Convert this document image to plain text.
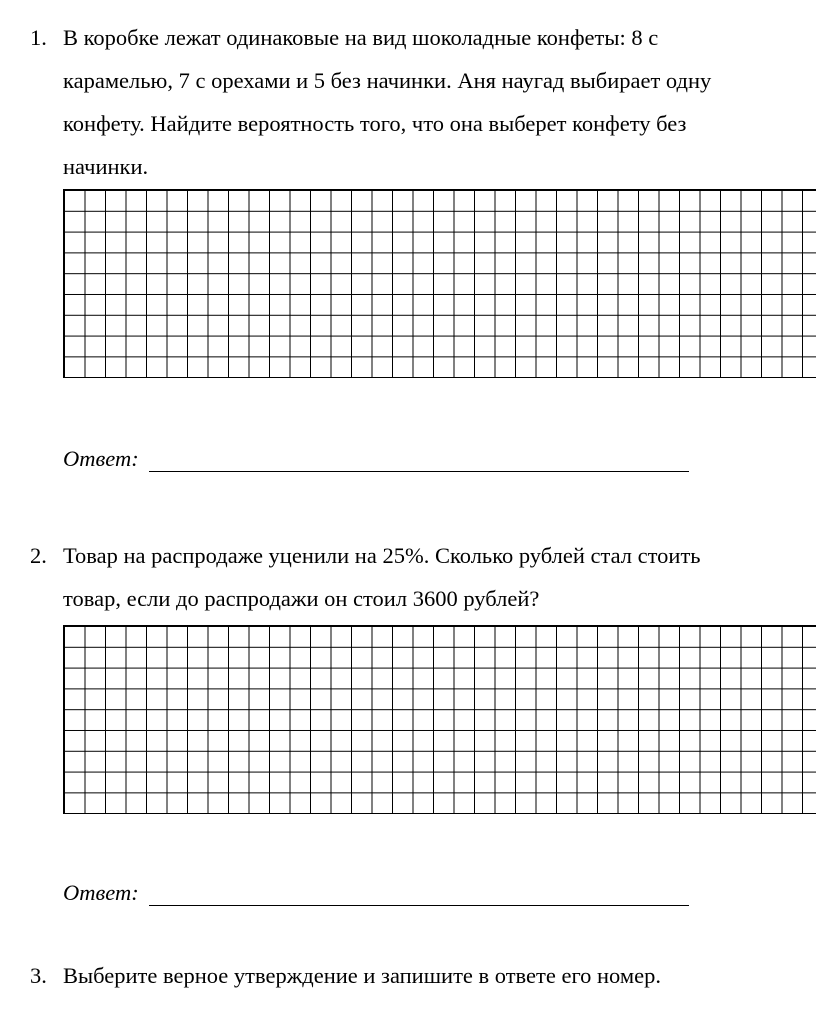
1. В коробке лежат одинаковые на вид шоколадные конфеты: 8 с
карамелью, 7 с орехами и 5 без начинки. Аня наугад выбирает одну
конфету. Найдите вероятность того, что она выберет конфету без
начинки.
Ответ:
2. Товар на распродаже уценили на 25%. Сколько рублей стал стоить
товар, если до распродажи он стоил 3600 рублей?
Ответ:
3. Выберите верное утверждение и запишите в ответе его номер.
